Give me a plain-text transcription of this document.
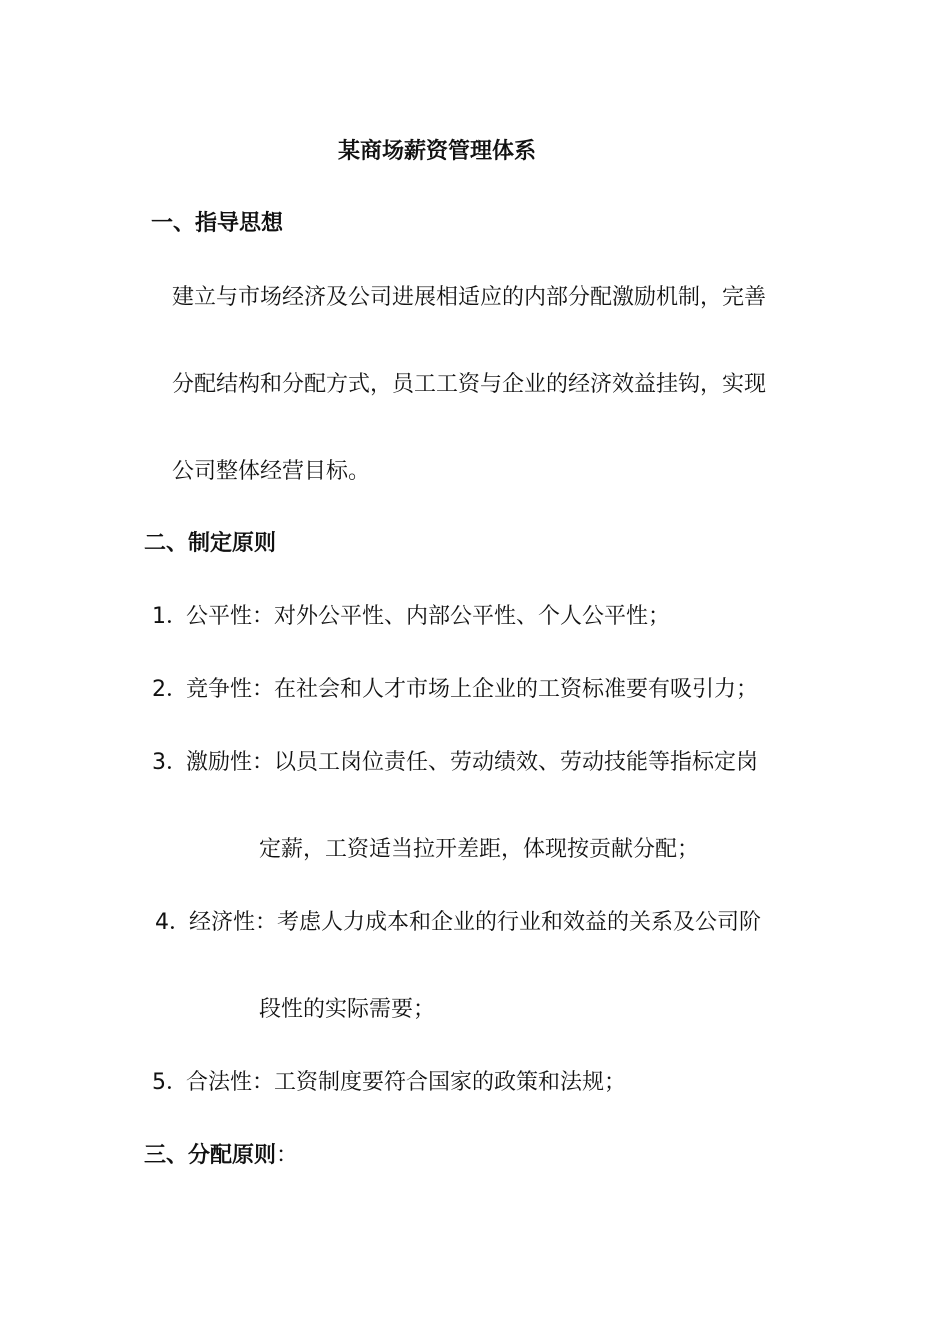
某商场薪资管理体系
一、指导思想
建立与市场经济及公司进展相适应的内部分配激励机制，完善
分配结构和分配方式，员工工资与企业的经济效益挂钩，实现
公司整体经营目标。
二、制定原则
1．公平性：对外公平性、内部公平性、个人公平性；
2．竞争性：在社会和人才市场上企业的工资标准要有吸引力；
3．激励性：以员工岗位责任、劳动绩效、劳动技能等指标定岗
定薪，工资适当拉开差距，体现按贡献分配；
4．经济性：考虑人力成本和企业的行业和效益的关系及公司阶
段性的实际需要；
5．合法性：工资制度要符合国家的政策和法规；
三、分配原则：
